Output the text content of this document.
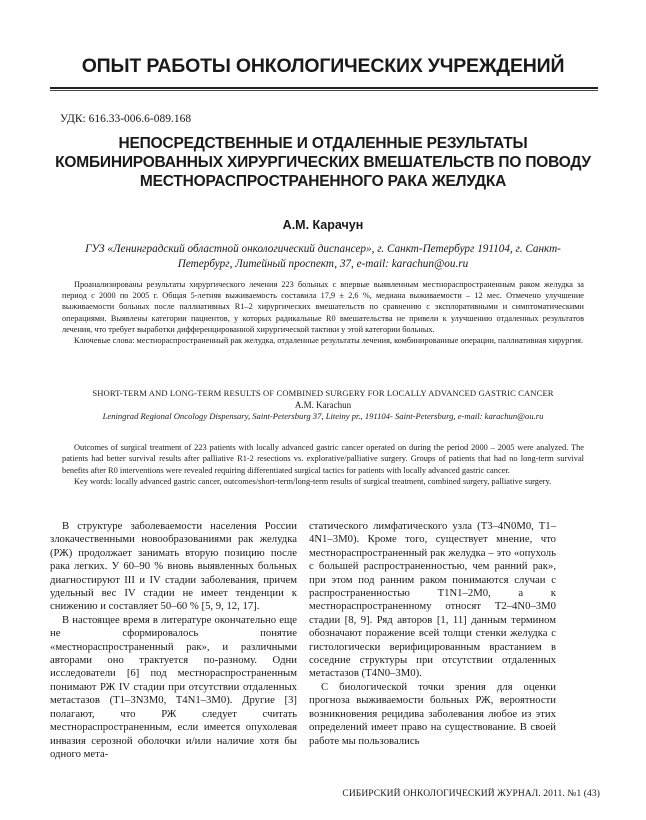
ОПЫТ РАБОТЫ ОНКОЛОГИЧЕСКИХ УЧРЕЖДЕНИЙ
УДК: 616.33-006.6-089.168
НЕПОСРЕДСТВЕННЫЕ И ОТДАЛЕННЫЕ РЕЗУЛЬТАТЫ КОМБИНИРОВАННЫХ ХИРУРГИЧЕСКИХ ВМЕШАТЕЛЬСТВ ПО ПОВОДУ МЕСТНОРАСПРОСТРАНЕННОГО РАКА ЖЕЛУДКА
А.М. Карачун
ГУЗ «Ленинградский областной онкологический диспансер», г. Санкт-Петербург 191104, г. Санкт-Петербург, Литейный проспект, 37, e-mail: karachun@ou.ru

Проанализированы результаты хирургического лечения 223 больных с впервые выявленным местнораспространенным раком желудка за период с 2000 по 2005 г. Общая 5-летняя выживаемость составила 17,9 ± 2,6 %, медиана выживаемости – 12 мес. Отмечено улучшение выживаемости больных после паллиативных R1–2 хирургических вмешательств по сравнению с эксплоративными и симптоматическими операциями. Выявлены категории пациентов, у которых радикальные R0 вмешательства не привели к улучшению отдаленных результатов лечения, что требует выработки дифференцированной хирургической тактики у этой категории больных.

Ключевые слова: местнораспространенный рак желудка, отдаленные результаты лечения, комбинированные операции, паллиативная хирургия.

SHORT-TERM AND LONG-TERM RESULTS OF COMBINED SURGERY FOR LOCALLY ADVANCED GASTRIC CANCER
A.M. Karachun
Leningrad Regional Oncology Dispensary, Saint-Petersburg 37, Liteiny pr., 191104- Saint-Petersburg, e-mail: karachun@ou.ru

Outcomes of surgical treatment of 223 patients with locally advanced gastric cancer operated on during the period 2000 – 2005 were analyzed. The patients had better survival results after palliative R1-2 resections vs. explorative/palliative surgery. Groups of patients that had no long-term survival benefits after R0 interventions were revealed requiring differentiated surgical tactics for patients with locally advanced gastric cancer.

Key words: locally advanced gastric cancer, outcomes/short-term/long-term results of surgical treatment, combined surgery, palliative surgery.

В структуре заболеваемости населения России злокачественными новообразованиями рак желудка (РЖ) продолжает занимать вторую позицию после рака легких. У 60–90 % вновь выявленных больных диагностируют III и IV стадии заболевания, причем удельный вес IV стадии не имеет тенденции к снижению и составляет 50–60 % [5, 9, 12, 17].

В настоящее время в литературе окончательно еще не сформировалось понятие «местнораспространенный рак», и различными авторами оно трактуется по-разному. Одни исследователи [6] под местнораспространенным понимают РЖ IV стадии при отсутствии отдаленных метастазов (T1–3N3M0, T4N1–3M0). Другие [3] полагают, что РЖ следует считать местнораспространенным, если имеется опухолевая инвазия серозной оболочки и/или наличие хотя бы одного мета-

статического лимфатического узла (T3–4N0M0, T1–4N1–3M0). Кроме того, существует мнение, что местнораспространенный рак желудка – это «опухоль с большей распространенностью, чем ранний рак», при этом под ранним раком понимаются случаи с распространенностью T1N1–2M0, а к местнораспространенному относят T2–4N0–3M0 стадии [8, 9]. Ряд авторов [1, 11] данным термином обозначают поражение всей толщи стенки желудка с гистологически верифицированным врастанием в соседние структуры при отсутствии отдаленных метастазов (T4N0–3M0).

С биологической точки зрения для оценки прогноза выживаемости больных РЖ, вероятности возникновения рецидива заболевания любое из этих определений имеет право на существование. В своей работе мы пользовались

СИБИРСКИЙ ОНКОЛОГИЧЕСКИЙ ЖУРНАЛ. 2011. №1 (43)
